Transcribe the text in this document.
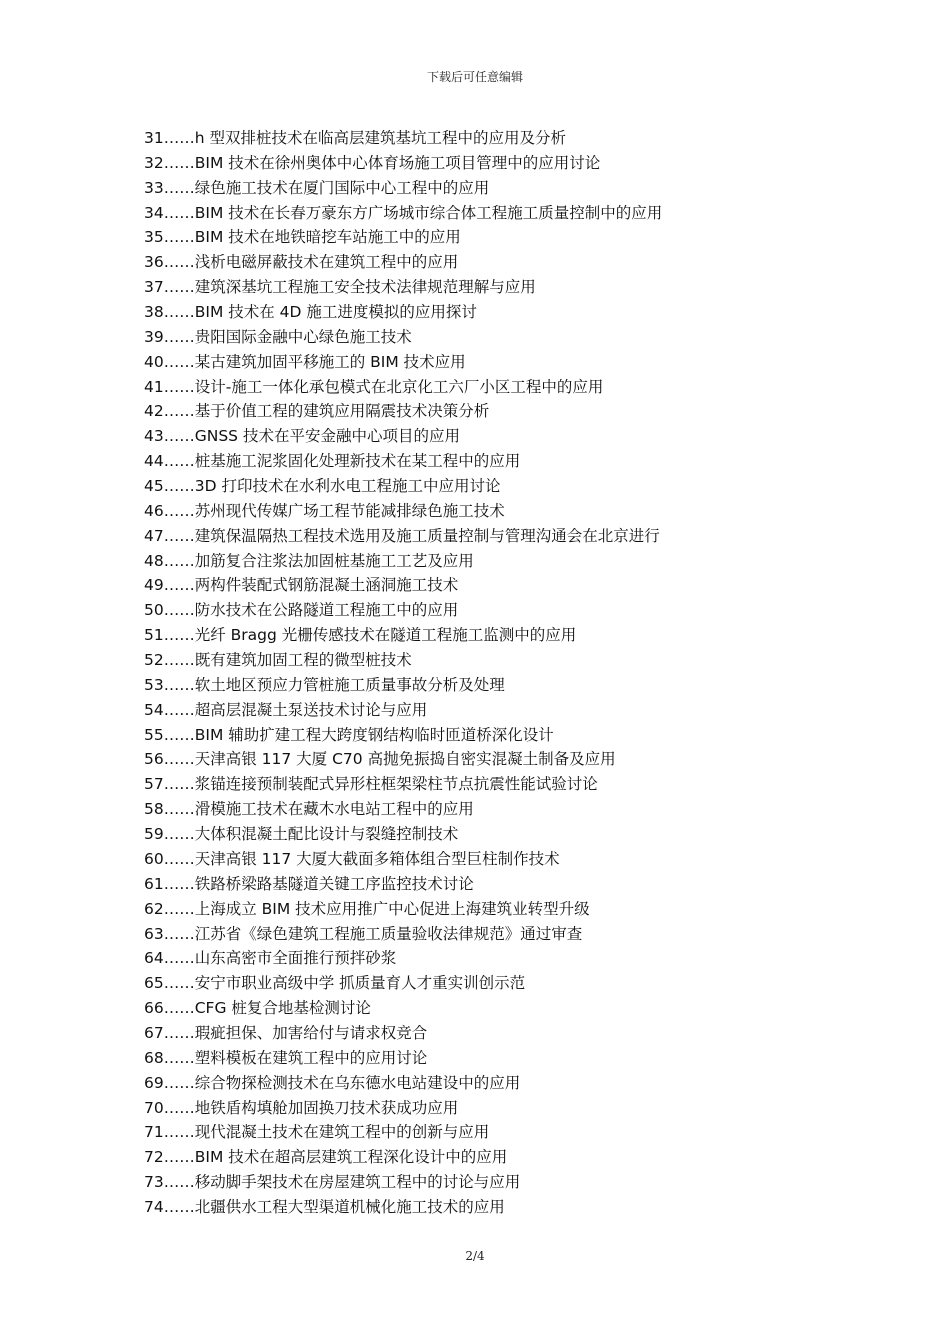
下载后可任意编辑
31……h 型双排桩技术在临高层建筑基坑工程中的应用及分析
32……BIM 技术在徐州奥体中心体育场施工项目管理中的应用讨论
33……绿色施工技术在厦门国际中心工程中的应用
34……BIM 技术在长春万豪东方广场城市综合体工程施工质量控制中的应用
35……BIM 技术在地铁暗挖车站施工中的应用
36……浅析电磁屏蔽技术在建筑工程中的应用
37……建筑深基坑工程施工安全技术法律规范理解与应用
38……BIM 技术在 4D 施工进度模拟的应用探讨
39……贵阳国际金融中心绿色施工技术
40……某古建筑加固平移施工的 BIM 技术应用
41……设计-施工一体化承包模式在北京化工六厂小区工程中的应用
42……基于价值工程的建筑应用隔震技术决策分析
43……GNSS 技术在平安金融中心项目的应用
44……桩基施工泥浆固化处理新技术在某工程中的应用
45……3D 打印技术在水利水电工程施工中应用讨论
46……苏州现代传媒广场工程节能减排绿色施工技术
47……建筑保温隔热工程技术选用及施工质量控制与管理沟通会在北京进行
48……加筋复合注浆法加固桩基施工工艺及应用
49……两构件装配式钢筋混凝土涵洞施工技术
50……防水技术在公路隧道工程施工中的应用
51……光纤 Bragg 光栅传感技术在隧道工程施工监测中的应用
52……既有建筑加固工程的微型桩技术
53……软土地区预应力管桩施工质量事故分析及处理
54……超高层混凝土泵送技术讨论与应用
55……BIM 辅助扩建工程大跨度钢结构临时匝道桥深化设计
56……天津高银 117 大厦 C70 高抛免振捣自密实混凝土制备及应用
57……浆锚连接预制装配式异形柱框架梁柱节点抗震性能试验讨论
58……滑模施工技术在藏木水电站工程中的应用
59……大体积混凝土配比设计与裂缝控制技术
60……天津高银 117 大厦大截面多箱体组合型巨柱制作技术
61……铁路桥梁路基隧道关键工序监控技术讨论
62……上海成立 BIM 技术应用推广中心促进上海建筑业转型升级
63……江苏省《绿色建筑工程施工质量验收法律规范》通过审查
64……山东高密市全面推行预拌砂浆
65……安宁市职业高级中学 抓质量育人才重实训创示范
66……CFG 桩复合地基检测讨论
67……瑕疵担保、加害给付与请求权竞合
68……塑料模板在建筑工程中的应用讨论
69……综合物探检测技术在乌东德水电站建设中的应用
70……地铁盾构填舱加固换刀技术获成功应用
71……现代混凝土技术在建筑工程中的创新与应用
72……BIM 技术在超高层建筑工程深化设计中的应用
73……移动脚手架技术在房屋建筑工程中的讨论与应用
74……北疆供水工程大型渠道机械化施工技术的应用
2/4
